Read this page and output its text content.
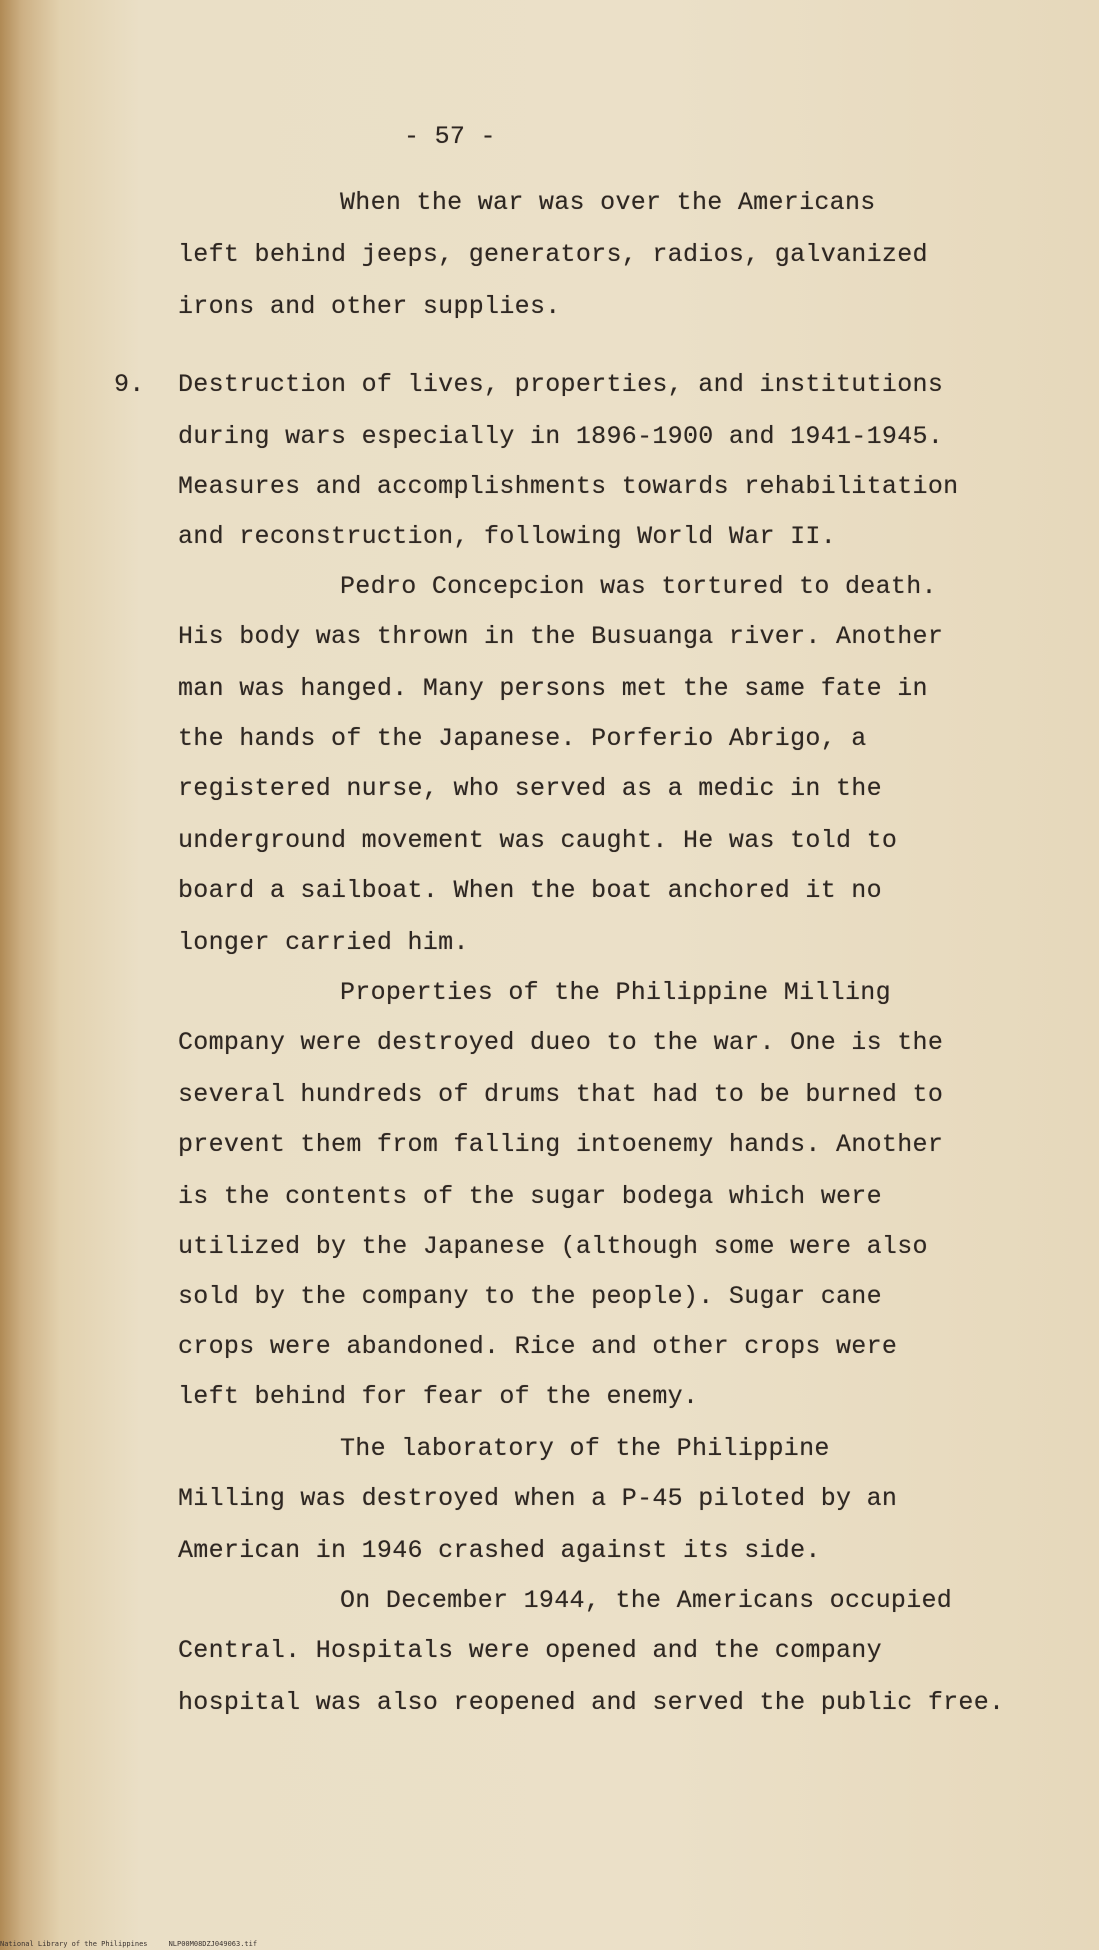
- 57 -
9.
When the war was over the Americans
left behind jeeps, generators, radios, galvanized
irons and other supplies.
Destruction of lives, properties, and institutions
during wars especially in 1896-1900 and 1941-1945.
Measures and accomplishments towards rehabilitation
and reconstruction, following World War II.
Pedro Concepcion was tortured to death.
His body was thrown in the Busuanga river. Another
man was hanged. Many persons met the same fate in
the hands of the Japanese. Porferio Abrigo, a
registered nurse, who served as a medic in the
underground movement was caught. He was told to
board a sailboat. When the boat anchored it no
longer carried him.
Properties of the Philippine Milling
Company were destroyed dueo to the war. One is the
several hundreds of drums that had to be burned to
prevent them from falling intoenemy hands. Another
is the contents of the sugar bodega which were
utilized by the Japanese (although some were also
sold by the company to the people). Sugar cane
crops were abandoned. Rice and other crops were
left behind for fear of the enemy.
The laboratory of the Philippine
Milling was destroyed when a P-45 piloted by an
American in 1946 crashed against its side.
On December 1944, the Americans occupied
Central. Hospitals were opened and the company
hospital was also reopened and served the public free.
National Library of the Philippines     NLP00M08DZJ049063.tif
